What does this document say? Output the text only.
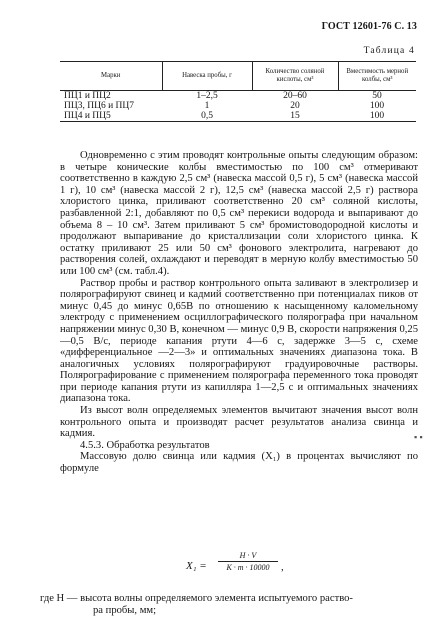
ГОСТ 12601-76 С. 13
Таблица 4
Марки	Навеска пробы, г	Количество соляной кислоты, см³	Вместимость мерной колбы, см³
ПЦ1 и ПЦ2	1–2,5	20–60	50
ПЦ3, ПЦ6 и ПЦ7	1	20	100
ПЦ4 и ПЦ5	0,5	15	100

Одновременно с этим проводят контрольные опыты следующим образом: в четыре конические колбы вместимостью по 100 см³ отмеривают соответственно в каждую 2,5 см³ (навеска массой 0,5 г), 5 см³ (навеска массой 1 г), 10 см³ (навеска массой 2 г), 12,5 см³ (навеска массой 2,5 г) раствора хлористого цинка, приливают соответственно 20 см³ соляной кислоты, разбавленной 2:1, добавляют по 0,5 см³ перекиси водорода и выпаривают до объема 8 – 10 см³. Затем приливают 5 см³ бромистоводородной кислоты и продолжают выпаривание до кристаллизации соли хлористого цинка. К остатку приливают 25 или 50 см³ фонового электролита, нагревают до растворения солей, охлаждают и переводят в мерную колбу вместимостью 50 или 100 см³ (см. табл.4).

Раствор пробы и раствор контрольного опыта заливают в электролизер и полярографируют свинец и кадмий соответственно при потенциалах пиков от минус 0,45 до минус 0,65В по отношению к насыщенному каломельному электроду с применением осциллографического полярографа при начальном напряжении минус 0,30 В, конечном — минус 0,9 В, скорости напряжения 0,25—0,5 В/с, периоде капания ртути 4—6 с, задержке 3—5 с, схеме «дифференциальное —2—3» и оптимальных значениях диапазона тока. В аналогичных условиях полярографируют градуировочные растворы. Полярографирование с применением полярографа переменного тока проводят при периоде капания ртути из капилляра 1—2,5 с и оптимальных значениях диапазона тока.

Из высот волн определяемых элементов вычитают значения высот волн контрольного опыта и производят расчет результатов анализа свинца и кадмия.

4.5.3. Обработка результатов

Массовую долю свинца или кадмия (X₁) в процентах вычисляют по формуле

$X_1 = \frac{H \cdot V}{K \cdot m \cdot 10000}$ ,
где H — высота волны определяемого элемента испытуемого раство-
ра пробы, мм;
▪ ▪
